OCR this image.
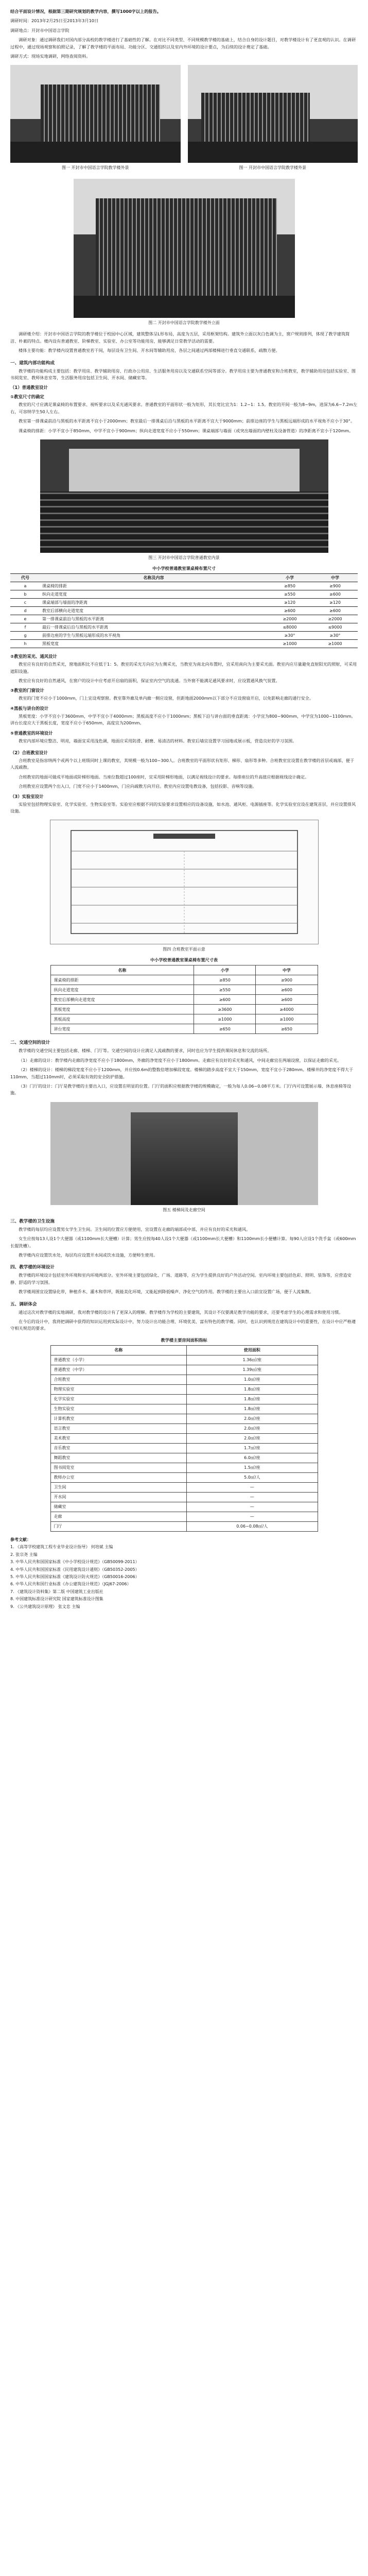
结合平面设计情况，根据第三期研究规划的教学内容，撰写1000字以上的报告。

调研时间：2013年2月25日至2013年3月10日

调研地点：开封市中国语言学院

调研对象：通过调研我们对国内部分高校的教学楼进行了基础性的了解。在对比不同类型、不同规模教学楼的基础上，结合自身的设计题目，对教学楼设计有了更直观的认识。在调研过程中，通过现场观察和拍照记录，了解了教学楼的平面布局、功能分区、交通组织以及室内外环境的设计要点，为后续的设计奠定了基础。

调研方式：现场实地调研，网络查阅资料。

图一 开封市中国语言学院教学楼外景	图一 开封市中国语言学院教学楼外景
图二 开封市中国语言学院教学楼外立面

调研楼介绍：开封市中国语言学院的教学楼位于校园中心区域，建筑整体呈L形布局，高度为五层，采用框架结构。建筑外立面以灰白色调为主，窗户规则排列，体现了教学建筑简洁、朴素的特点。楼内设有普通教室、阶梯教室、实验室、办公室等功能用房，能够满足日常教学活动的需要。

楼体主要功能：教学楼内设置普通教室若干间，每层设有卫生间、开水间等辅助用房，各层之间通过两部楼梯进行垂直交通联系，疏散方便。

一、建筑内部功能构成

教学楼的功能构成主要包括：教学用房、教学辅助用房、行政办公用房、生活服务用房以及交通联系空间等部分。教学用房主要为普通教室和合班教室，教学辅助用房包括实验室、图书阅览室、教师休息室等，生活服务用房包括卫生间、开水间、储藏室等。

（1）普通教室设计
①教室尺寸的确定

教室的尺寸应满足课桌椅的布置要求、视听要求以及采光通风要求。普通教室的平面形状一般为矩形，其长宽比宜为1：1.2~1：1.5。教室的开间一般为8~9m，进深为6.6~7.2m左右，可容纳学生50人左右。

教室第一排课桌前沿与黑板的水平距离不宜小于2000mm；教室最后一排课桌后沿与黑板的水平距离不宜大于9000mm；前排边座的学生与黑板远端形成的水平视角不应小于30°。

课桌椅的排距：小学不宜小于850mm，中学不宜小于900mm；纵向走道宽度不应小于550mm；课桌端部与墙面（或突出墙面的内壁柱及设备管道）的净距离不宜小于120mm。

图三 开封市中国语言学院普通教室内景
中小学校普通教室课桌椅布置尺寸
代号	名称及内容	小学	中学
a	课桌椅的排距	≥850	≥900
b	纵向走道宽度	≥550	≥600
c	课桌端部与墙面的净距离	≥120	≥120
d	教室后部横向走道宽度	≥600	≥600
e	第一排课桌前沿与黑板的水平距离	≥2000	≥2000
f	最后一排课桌后沿与黑板的水平距离	≤8000	≤9000
g	前排边座的学生与黑板远端形成的水平视角	≥30°	≥30°
h	黑板宽度	≥1000	≥1000
②教室的采光、通风设计

教室应有良好的自然采光，窗地面积比不应低于1：5。教室的采光方向应为左侧采光，当教室为南北向布置时，宜采用南向为主要采光面。教室内应尽量避免直射阳光的照射，可采用遮阳设施。

教室应有良好的自然通风，在窗户的设计中应考虑开启扇的面积，保证室内空气的流通。当外窗不能满足通风要求时，应设置通风换气装置。

③教室的门窗设计

教室的门宽不应小于1000mm，门上宜设观察窗。教室靠外廊及单内廊一侧应设窗，但距地面2000mm以下部分不应设窗扇开启，以免影响走廊的通行安全。

④黑板与讲台的设计

黑板宽度：小学不宜小于3600mm，中学不宜小于4000mm；黑板高度不应小于1000mm；黑板下沿与讲台面的垂直距离：小学宜为800~900mm，中学宜为1000~1100mm。讲台长度应大于黑板长度，宽度不应小于650mm，高度宜为200mm。

⑤普通教室的环境设计

教室内部环境应整洁、明亮，墙面宜采用浅色调，地面应采用防滑、耐磨、易清洁的材料。教室后墙宜设置学习园地或展示板，营造良好的学习氛围。

（2）合班教室设计

合班教室是指容纳两个或两个以上班级同时上课的教室，其规模一般为100~300人。合班教室的平面形状有矩形、梯形、扇形等多种。合班教室宜设置在教学楼的首层或端部，便于人流疏散。

合班教室的地面可做成平地面或阶梯形地面。当座位数超过100座时，宜采用阶梯形地面，以满足视线设计的要求。每排座位的升高值应根据视线设计确定。

合班教室应设置两个出入口，门宽不应小于1400mm，门应向疏散方向开启。教室内应设置电教设备，包括投影、音响等设施。

（3）实验室设计

实验室包括物理实验室、化学实验室、生物实验室等。实验室应根据不同的实验要求设置相应的设备设施，如水池、通风柜、电源插座等。化学实验室宜设在建筑首层，并应设置排风设施。

图四 合班教室平面示意
中小学校普通教室课桌椅布置尺寸表
名称	小学	中学
课桌椅的排距	≥850	≥900
纵向走道宽度	≥550	≥600
教室后部横向走道宽度	≥600	≥600
黑板宽度	≥3600	≥4000
黑板高度	≥1000	≥1000
讲台宽度	≥650	≥650
二、交通空间的设计

教学楼的交通空间主要包括走廊、楼梯、门厅等。交通空间的设计应满足人流疏散的要求，同时也应为学生提供课间休息和交流的场所。

（1）走廊的设计：教学楼内走廊的净宽度不应小于1800mm，外廊的净宽度不应小于1800mm。走廊应有良好的采光和通风，中间走廊宜在两端设窗，以保证走廊的采光。

（2）楼梯的设计：楼梯的梯段宽度不应小于1200mm，并应按0.6m的整数倍增加梯段宽度。楼梯的踏步高度不宜大于150mm，宽度不宜小于280mm。楼梯井的净宽度不得大于110mm，当超过110mm时，必须采取有效的安全防护措施。

（3）门厅的设计：门厅是教学楼的主要出入口，应设置在明显的位置。门厅的面积应根据教学楼的规模确定，一般为每人0.06~0.08平方米。门厅内可设置展示墙、休息座椅等设施。

图五 楼梯间及走廊空间
三、教学楼的卫生设施

教学楼的每层均应设置男女学生卫生间。卫生间的位置应方便使用，宜设置在走廊的端部或中部，并应有良好的采光和通风。

女生应按每13人设1个大便器（或1100mm长大便槽）计算；男生应按每40人设1个大便器（或1100mm长大便槽）和1100mm长小便槽计算。每90人应设1个洗手盆（或600mm长盥洗槽）。

教学楼内应设置饮水处，每层均应设置开水间或饮水设施，方便师生使用。

四、教学楼的环境设计

教学楼的环境设计包括室外环境和室内环境两部分。室外环境主要包括绿化、广场、道路等，应为学生提供良好的户外活动空间。室内环境主要包括色彩、照明、装饰等，应营造安静、舒适的学习氛围。

教学楼周围宜设置绿化带，种植乔木、灌木和草坪，既能美化环境，又能起到降低噪声、净化空气的作用。教学楼的主要出入口前宜设置广场，便于人流集散。

五、调研体会

通过这次对教学楼的实地调研，我对教学楼的设计有了更深入的理解。教学楼作为学校的主要建筑，其设计不仅要满足教学功能的要求，还要考虑学生的心理需求和使用习惯。

在今后的设计中，我将把调研中获得的知识运用到实际设计中，努力设计出功能合理、环境优美、富有特色的教学楼。同时，也认识到规范在建筑设计中的重要性，在设计中应严格遵守相关规范的要求。

教学楼主要房间面积指标
名称	使用面积
普通教室（小学）	1.36㎡/座
普通教室（中学）	1.39㎡/座
合班教室	1.0㎡/座
物理实验室	1.8㎡/座
化学实验室	1.8㎡/座
生物实验室	1.8㎡/座
计算机教室	2.0㎡/座
语言教室	2.0㎡/座
美术教室	2.0㎡/座
音乐教室	1.7㎡/座
舞蹈教室	6.0㎡/座
图书阅览室	1.5㎡/座
教师办公室	5.0㎡/人
卫生间	—
开水间	—
储藏室	—
走廊	—
门厅	0.06~0.08㎡/人

参考文献：

1. 《高等学校建筑工程专业毕业设计指导》 何培斌 主编

2. 张宗尧 主编

3. 中华人民共和国国家标准《中小学校设计规范》（GB50099-2011）

4. 中华人民共和国国家标准《民用建筑设计通则》（GB50352-2005）

5. 中华人民共和国国家标准《建筑设计防火规范》（GB50016-2006）

6. 中华人民共和国行业标准《办公建筑设计规范》（JGJ67-2006）

7. 《建筑设计资料集》第二版 中国建筑工业出版社

8. 中国建筑标准设计研究院 国家建筑标准设计图集

9. 《公共建筑设计原理》 张文忠 主编
